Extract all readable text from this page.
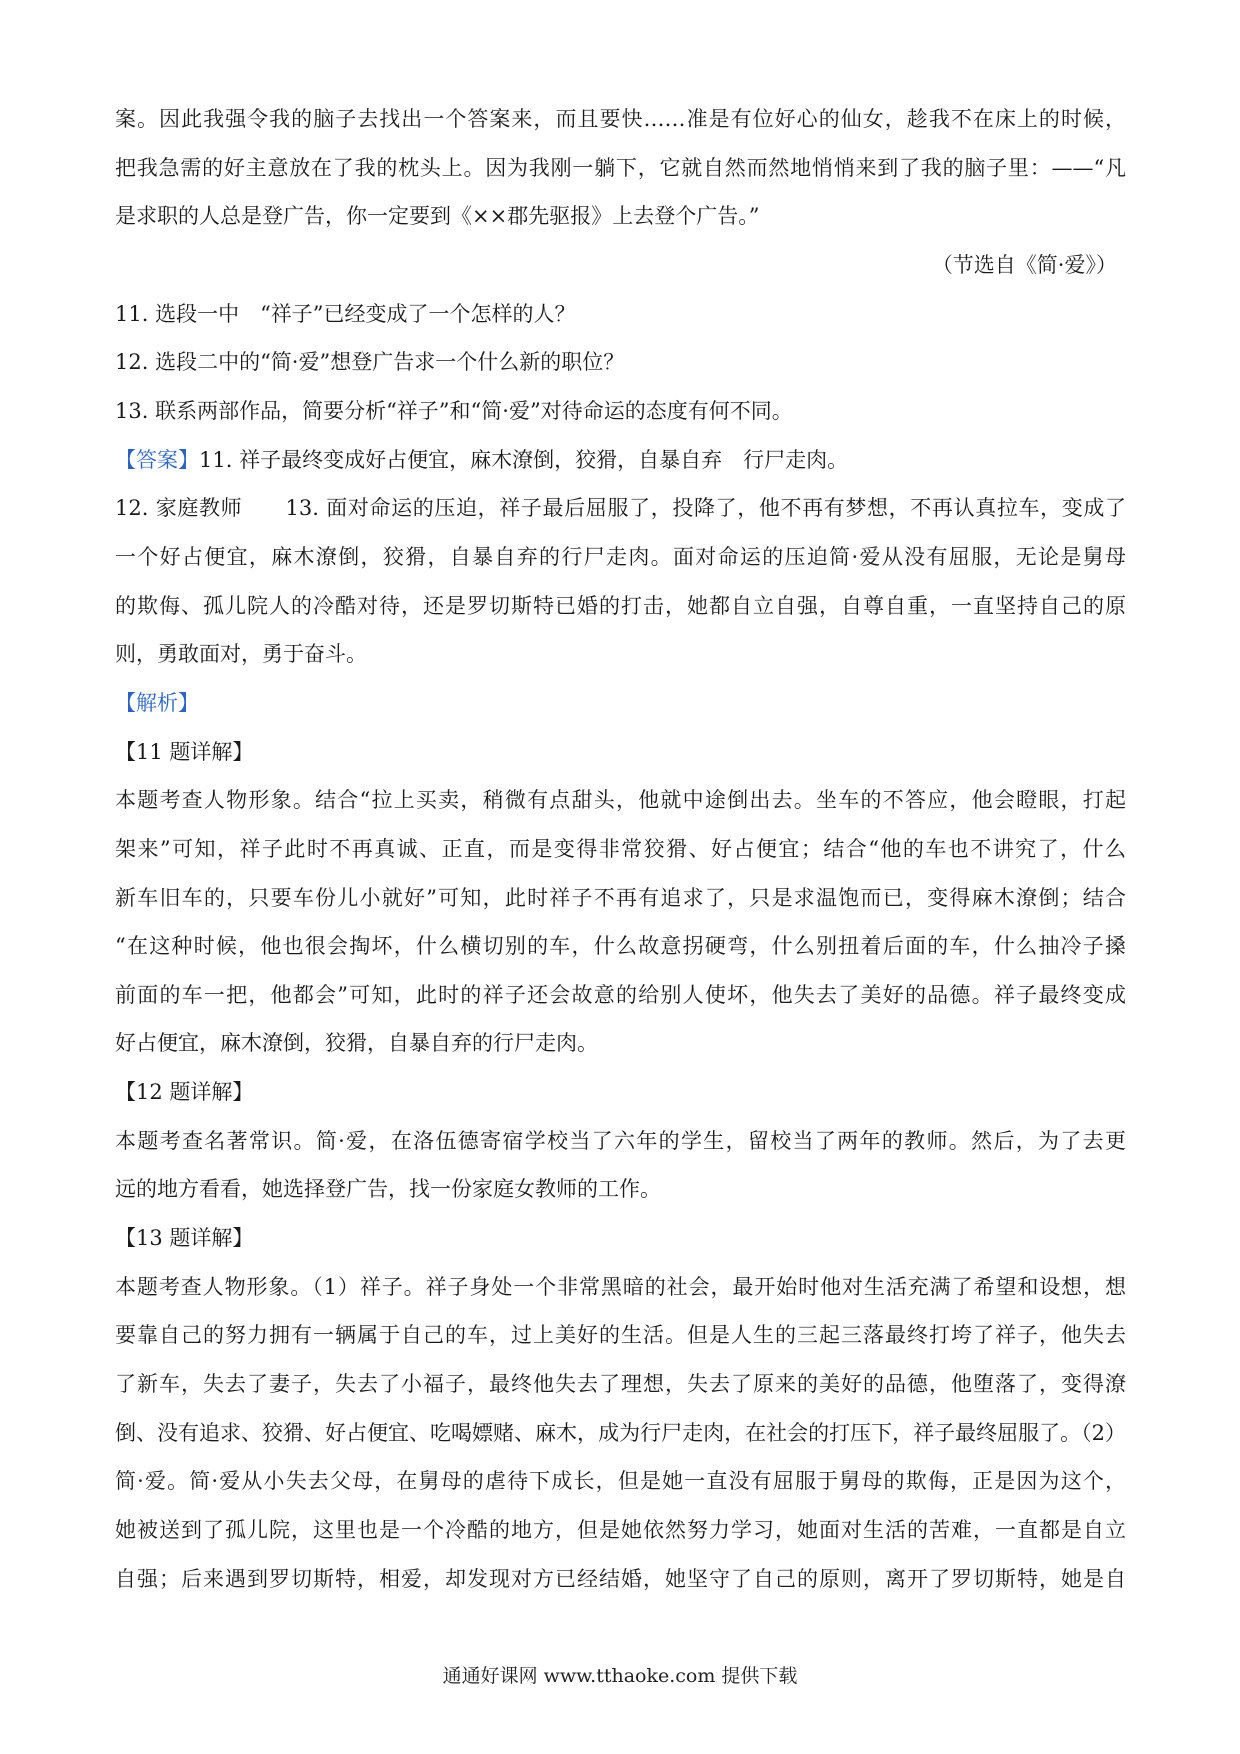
案。因此我强令我的脑子去找出一个答案来，而且要快……准是有位好心的仙女，趁我不在床上的时候，
把我急需的好主意放在了我的枕头上。因为我刚一躺下，它就自然而然地悄悄来到了我的脑子里：——“凡
是求职的人总是登广告，你一定要到《××郡先驱报》上去登个广告。”
（节选自《简·爱》）
11. 选段一中　“祥子”已经变成了一个怎样的人？
12. 选段二中的“简·爱”想登广告求一个什么新的职位？
13. 联系两部作品，简要分析“祥子”和“简·爱”对待命运的态度有何不同。
【答案】11. 祥子最终变成好占便宜，麻木潦倒，狡猾，自暴自弃　行尸走肉。
12. 家庭教师　　13. 面对命运的压迫，祥子最后屈服了，投降了，他不再有梦想，不再认真拉车，变成了
一个好占便宜，麻木潦倒，狡猾，自暴自弃的行尸走肉。面对命运的压迫简·爱从没有屈服，无论是舅母
的欺侮、孤儿院人的冷酷对待，还是罗切斯特已婚的打击，她都自立自强，自尊自重，一直坚持自己的原
则，勇敢面对，勇于奋斗。
【解析】
【11 题详解】
本题考查人物形象。结合“拉上买卖，稍微有点甜头，他就中途倒出去。坐车的不答应，他会瞪眼，打起
架来”可知，祥子此时不再真诚、正直，而是变得非常狡猾、好占便宜；结合“他的车也不讲究了，什么
新车旧车的，只要车份儿小就好”可知，此时祥子不再有追求了，只是求温饱而已，变得麻木潦倒；结合
“在这种时候，他也很会掏坏，什么横切别的车，什么故意拐硬弯，什么别扭着后面的车，什么抽冷子搡
前面的车一把，他都会”可知，此时的祥子还会故意的给别人使坏，他失去了美好的品德。祥子最终变成
好占便宜，麻木潦倒，狡猾，自暴自弃的行尸走肉。
【12 题详解】
本题考查名著常识。简·爱，在洛伍德寄宿学校当了六年的学生，留校当了两年的教师。然后，为了去更
远的地方看看，她选择登广告，找一份家庭女教师的工作。
【13 题详解】
本题考查人物形象。（1）祥子。祥子身处一个非常黑暗的社会，最开始时他对生活充满了希望和设想，想
要靠自己的努力拥有一辆属于自己的车，过上美好的生活。但是人生的三起三落最终打垮了祥子，他失去
了新车，失去了妻子，失去了小福子，最终他失去了理想，失去了原来的美好的品德，他堕落了，变得潦
倒、没有追求、狡猾、好占便宜、吃喝嫖赌、麻木，成为行尸走肉，在社会的打压下，祥子最终屈服了。（2）
简·爱。简·爱从小失去父母，在舅母的虐待下成长，但是她一直没有屈服于舅母的欺侮，正是因为这个，
她被送到了孤儿院，这里也是一个冷酷的地方，但是她依然努力学习，她面对生活的苦难，一直都是自立
自强；后来遇到罗切斯特，相爱，却发现对方已经结婚，她坚守了自己的原则，离开了罗切斯特，她是自
通通好课网 www.tthaoke.com 提供下载
